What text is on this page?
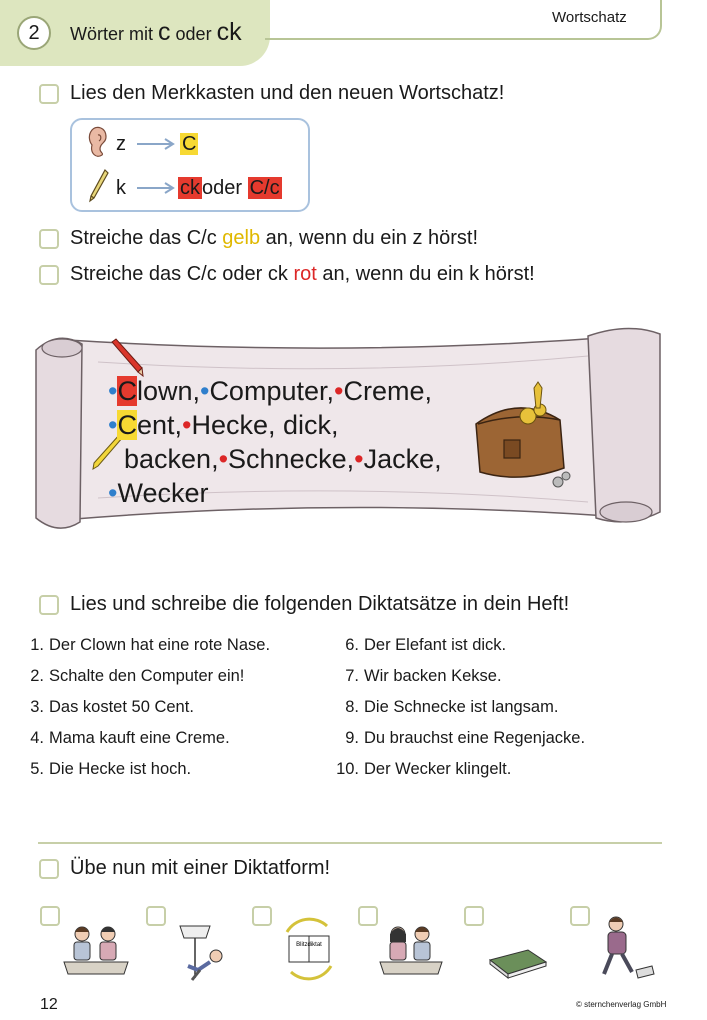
2	Wörter mit c oder ck
Wortschatz
Lies den Merkkasten und den neuen Wortschatz!
z	C
k	ck oder C/c
Streiche das C/c gelb an, wenn du ein z hörst!
Streiche das C/c oder ck rot an, wenn du ein k hörst!
•Clown,•Computer,•Creme,
•Cent,•Hecke, dick,
backen,•Schnecke,•Jacke,
•Wecker
Lies und schreibe die folgenden Diktatsätze in dein Heft!
1. Der Clown hat eine rote Nase.
2. Schalte den Computer ein!
3. Das kostet 50 Cent.
4. Mama kauft eine Creme.
5. Die Hecke ist hoch.
6. Der Elefant ist dick.
7. Wir backen Kekse.
8. Die Schnecke ist langsam.
9. Du brauchst eine Regenjacke.
10. Der Wecker klingelt.
Übe nun mit einer Diktatform!
Blitzdiktat
12	© sternchenverlag GmbH
